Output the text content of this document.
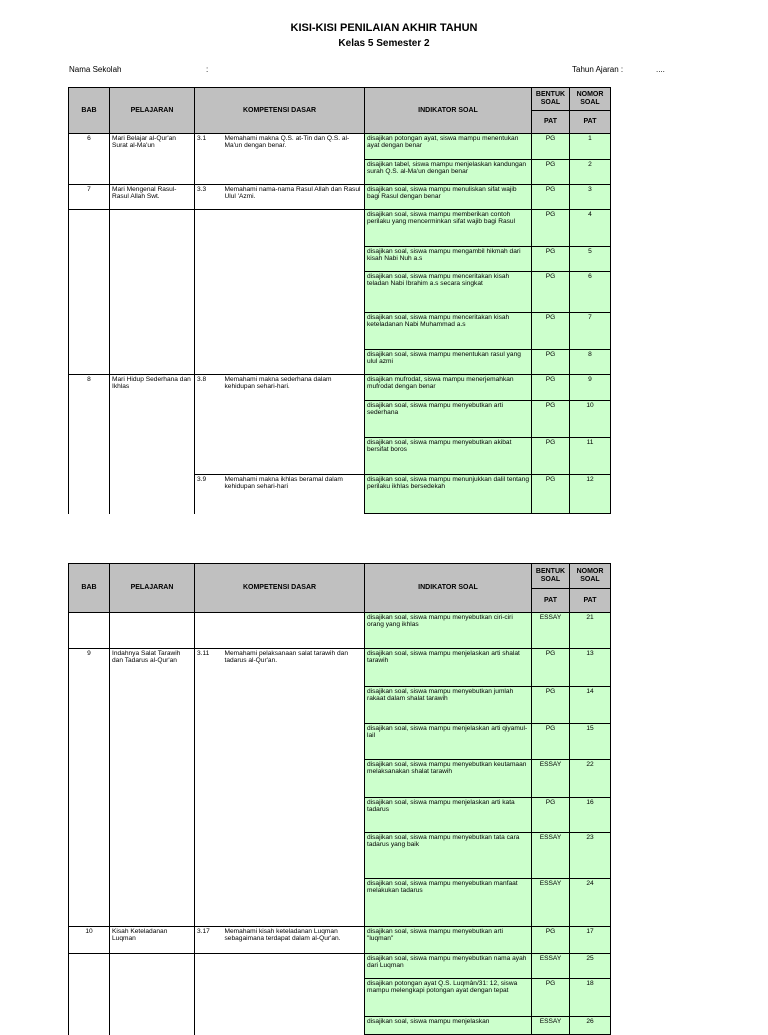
KISI-KISI PENILAIAN AKHIR TAHUN
Kelas 5 Semester 2
Nama Sekolah	:	Tahun Ajaran :	....
BAB	PELAJARAN	KOMPETENSI DASAR		INDIKATOR SOAL	BENTUK SOAL	NOMOR SOAL
					PAT	PAT
6	Mari Belajar al-Qur'an Surat al-Ma'un	3.1	Memahami makna Q.S. at-Tin dan Q.S. al-Ma'un dengan benar.	disajikan potongan ayat, siswa mampu menentukan ayat dengan benar	PG	1
				disajikan tabel, siswa mampu menjelaskan kandungan surah Q.S. al-Ma'un dengan benar	PG	2
7	Mari Mengenal Rasul-Rasul Allah Swt.	3.3	Memahami nama-nama Rasul Allah dan Rasul Ulul 'Azmi.	disajikan soal, siswa mampu menuliskan sifat wajib bagi Rasul dengan benar	PG	3
				disajikan soal, siswa mampu memberikan contoh perilaku yang mencerminkan sifat wajib bagi Rasul	PG	4
				disajikan soal, siswa mampu mengambil hikmah dari kisah Nabi Nuh a.s	PG	5
				disajikan soal, siswa mampu menceritakan kisah teladan Nabi Ibrahim a.s secara singkat	PG	6
				disajikan soal, siswa mampu menceritakan kisah keteladanan Nabi Muhammad a.s	PG	7
				disajikan soal, siswa mampu menentukan rasul yang ulul azmi	PG	8
8	Mari Hidup Sederhana dan Ikhlas	3.8	Memahami makna sederhana dalam kehidupan sehari-hari.	disajikan mufrodat, siswa mampu menerjemahkan mufrodat dengan benar	PG	9
				disajikan soal, siswa mampu menyebutkan arti sederhana	PG	10
				disajikan soal, siswa mampu menyebutkan akibat bersifat boros	PG	11
		3.9	Memahami makna ikhlas beramal dalam kehidupan sehari-hari	disajikan soal, siswa mampu menunjukkan dalil tentang perilaku ikhlas bersedekah	PG	12
BAB	PELAJARAN	KOMPETENSI DASAR		INDIKATOR SOAL	BENTUK SOAL	NOMOR SOAL
					PAT	PAT
				disajikan soal, siswa mampu menyebutkan ciri-ciri orang yang ikhlas	ESSAY	21
9	Indahnya Salat Tarawih dan Tadarus al-Qur'an	3.11	Memahami pelaksanaan salat tarawih dan tadarus al-Qur'an.	disajikan soal, siswa mampu menjelaskan arti shalat tarawih	PG	13
				disajikan soal, siswa mampu menyebutkan jumlah rakaat dalam shalat tarawih	PG	14
				disajikan soal, siswa mampu menjelaskan arti qiyamul-lail	PG	15
				disajikan soal, siswa mampu menyebutkan keutamaan melaksanakan shalat tarawih	ESSAY	22
				disajikan soal, siswa mampu menjelaskan arti kata tadarus	PG	16
				disajikan soal, siswa mampu menyebutkan tata cara tadarus yang baik	ESSAY	23
				disajikan soal, siswa mampu menyebutkan manfaat melakukan tadarus	ESSAY	24
10	Kisah Keteladanan Luqman	3.17	Memahami kisah keteladanan Luqman sebagaimana terdapat dalam al-Qur'an.	disajikan soal, siswa mampu menyebutkan arti "luqman"	PG	17
				disajikan soal, siswa mampu menyebutkan nama ayah dari Luqman	ESSAY	25
				disajikan potongan ayat Q.S. Luqmân/31: 12, siswa mampu melengkapi potongan ayat dengan tepat	PG	18
				disajikan soal, siswa mampu menjelaskan	ESSAY	26
